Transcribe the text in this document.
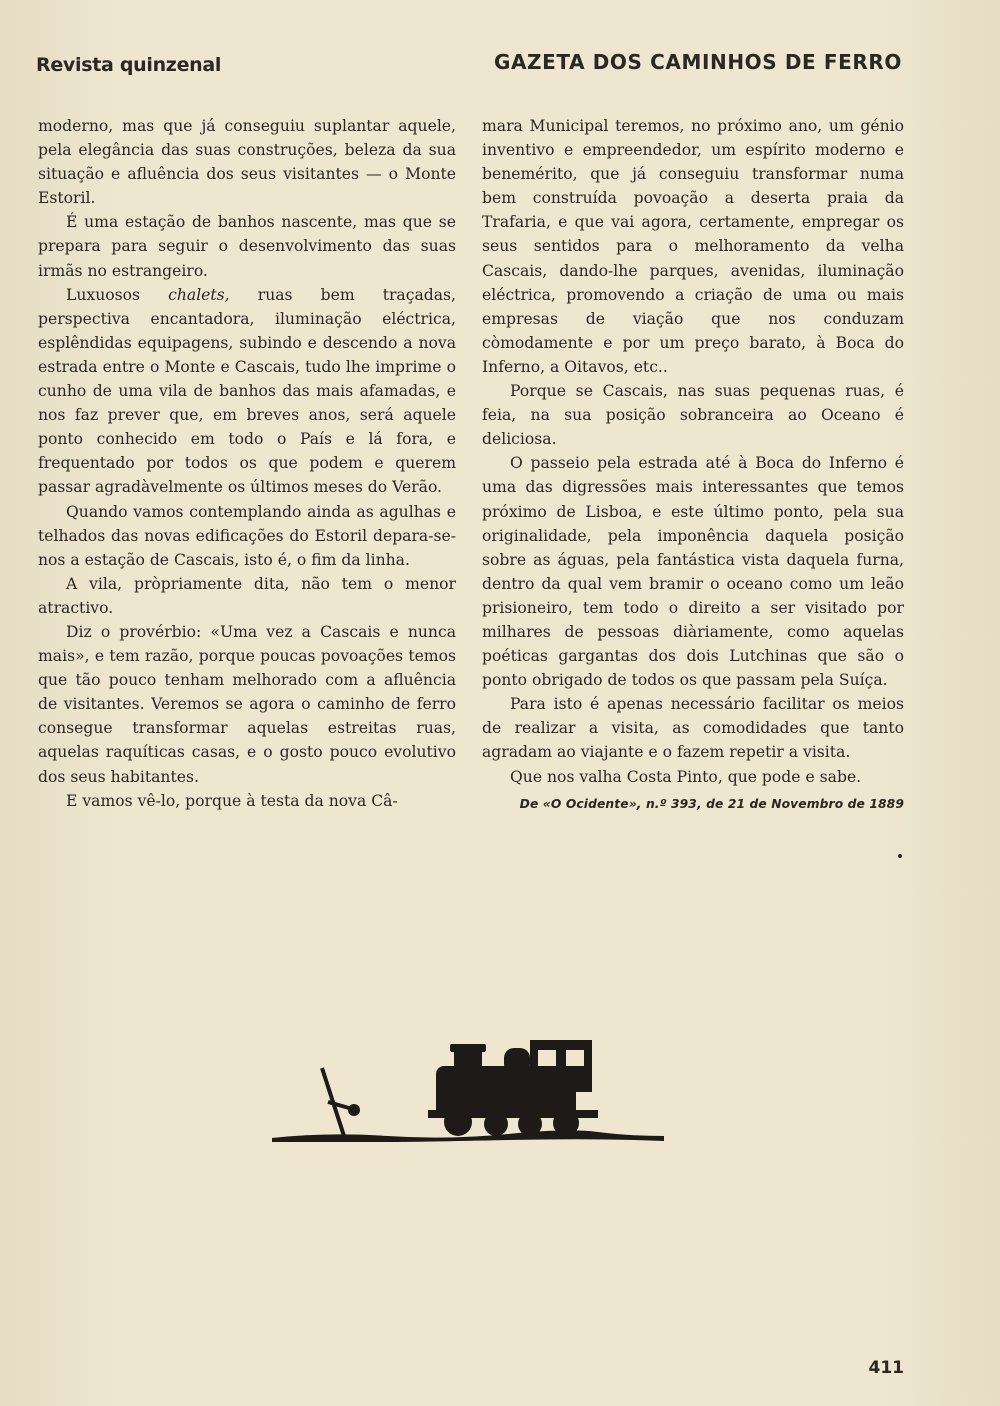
Revista quinzenal	GAZETA DOS CAMINHOS DE FERRO

moderno, mas que já conseguiu suplantar aquele, pela elegância das suas construções, beleza da sua situação e afluência dos seus visitantes — o Monte Estoril.

É uma estação de banhos nascente, mas que se prepara para seguir o desenvolvimento das suas irmãs no estrangeiro.

Luxuosos chalets, ruas bem traçadas, perspectiva encantadora, iluminação eléctrica, esplêndidas equipagens, subindo e descendo a nova estrada entre o Monte e Cascais, tudo lhe imprime o cunho de uma vila de banhos das mais afamadas, e nos faz prever que, em breves anos, será aquele ponto conhecido em todo o País e lá fora, e frequentado por todos os que podem e querem passar agradàvelmente os últimos meses do Verão.

Quando vamos contemplando ainda as agulhas e telhados das novas edificações do Estoril depara-se-nos a estação de Cascais, isto é, o fim da linha.

A vila, pròpriamente dita, não tem o menor atractivo.

Diz o provérbio: «Uma vez a Cascais e nunca mais», e tem razão, porque poucas povoações temos que tão pouco tenham melhorado com a afluência de visitantes. Veremos se agora o caminho de ferro consegue transformar aquelas estreitas ruas, aquelas raquíticas casas, e o gosto pouco evolutivo dos seus habitantes.

E vamos vê-lo, porque à testa da nova Câ-

mara Municipal teremos, no próximo ano, um génio inventivo e empreendedor, um espírito moderno e benemérito, que já conseguiu transformar numa bem construída povoação a deserta praia da Trafaria, e que vai agora, certamente, empregar os seus sentidos para o melhoramento da velha Cascais, dando-lhe parques, avenidas, iluminação eléctrica, promovendo a criação de uma ou mais empresas de viação que nos conduzam còmodamente e por um preço barato, à Boca do Inferno, a Oitavos, etc..

Porque se Cascais, nas suas pequenas ruas, é feia, na sua posição sobranceira ao Oceano é deliciosa.

O passeio pela estrada até à Boca do Inferno é uma das digressões mais interessantes que temos próximo de Lisboa, e este último ponto, pela sua originalidade, pela imponência daquela posição sobre as águas, pela fantástica vista daquela furna, dentro da qual vem bramir o oceano como um leão prisioneiro, tem todo o direito a ser visitado por milhares de pessoas diàriamente, como aquelas poéticas gargantas dos dois Lutchinas que são o ponto obrigado de todos os que passam pela Suíça.

Para isto é apenas necessário facilitar os meios de realizar a visita, as comodidades que tanto agradam ao viajante e o fazem repetir a visita.

Que nos valha Costa Pinto, que pode e sabe.

De «O Ocidente», n.º 393, de 21 de Novembro de 1889
411
